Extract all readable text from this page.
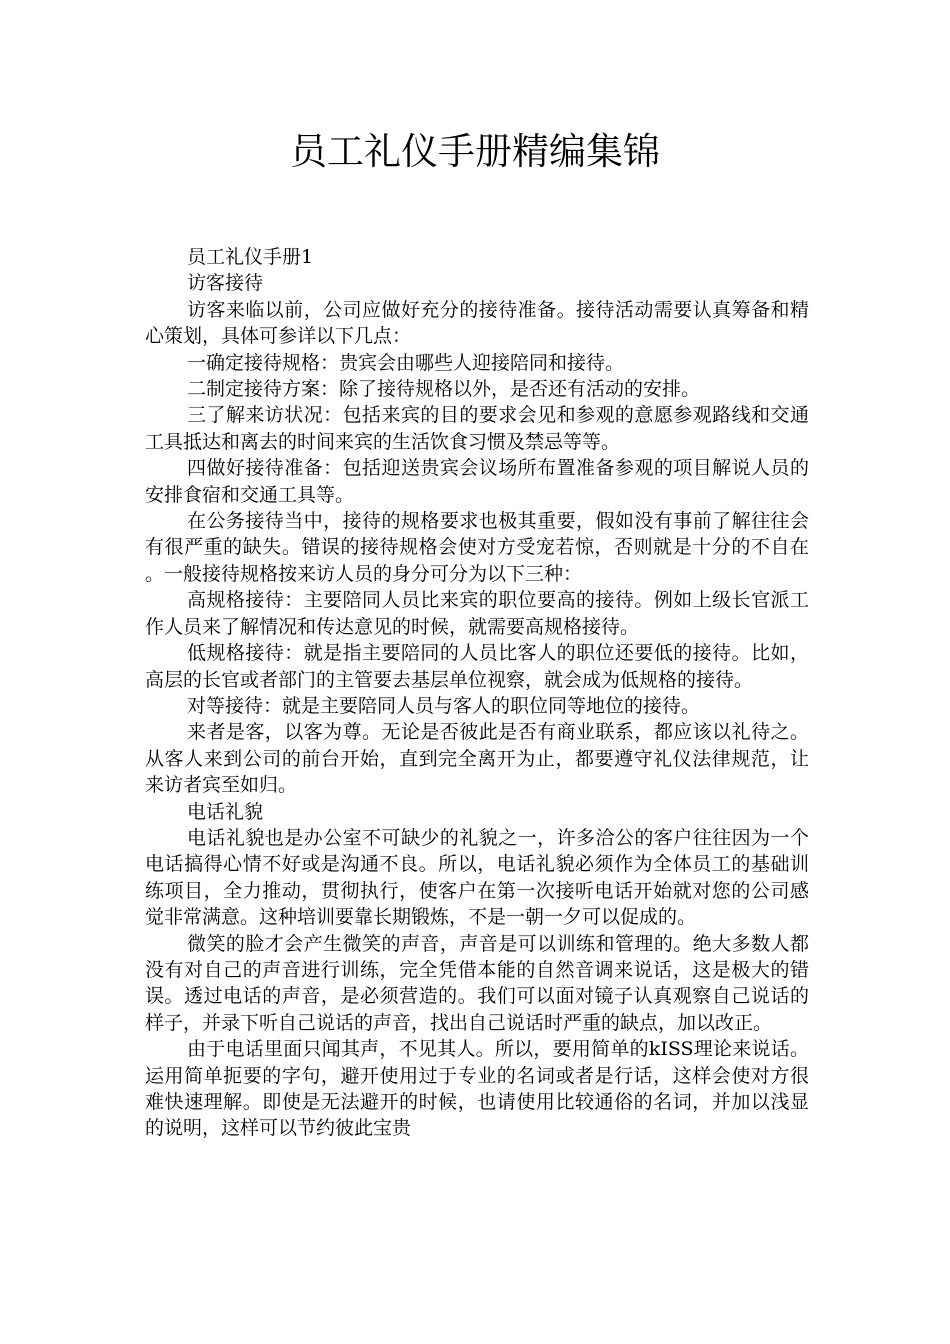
员工礼仪手册精编集锦

员工礼仪手册1

访客接待

访客来临以前，公司应做好充分的接待准备。接待活动需要认真筹备和精心策划，具体可参详以下几点：

一确定接待规格：贵宾会由哪些人迎接陪同和接待。

二制定接待方案：除了接待规格以外，是否还有活动的安排。

三了解来访状况：包括来宾的目的要求会见和参观的意愿参观路线和交通工具抵达和离去的时间来宾的生活饮食习惯及禁忌等等。

四做好接待准备：包括迎送贵宾会议场所布置准备参观的项目解说人员的安排食宿和交通工具等。

在公务接待当中，接待的规格要求也极其重要，假如没有事前了解往往会有很严重的缺失。错误的接待规格会使对方受宠若惊，否则就是十分的不自在。一般接待规格按来访人员的身分可分为以下三种：

高规格接待：主要陪同人员比来宾的职位要高的接待。例如上级长官派工作人员来了解情况和传达意见的时候，就需要高规格接待。

低规格接待：就是指主要陪同的人员比客人的职位还要低的接待。比如，高层的长官或者部门的主管要去基层单位视察，就会成为低规格的接待。

对等接待：就是主要陪同人员与客人的职位同等地位的接待。

来者是客，以客为尊。无论是否彼此是否有商业联系，都应该以礼待之。从客人来到公司的前台开始，直到完全离开为止，都要遵守礼仪法律规范，让来访者宾至如归。

电话礼貌

电话礼貌也是办公室不可缺少的礼貌之一，许多洽公的客户往往因为一个电话搞得心情不好或是沟通不良。所以，电话礼貌必须作为全体员工的基础训练项目，全力推动，贯彻执行，使客户在第一次接听电话开始就对您的公司感觉非常满意。这种培训要靠长期锻炼，不是一朝一夕可以促成的。

微笑的脸才会产生微笑的声音，声音是可以训练和管理的。绝大多数人都没有对自己的声音进行训练，完全凭借本能的自然音调来说话，这是极大的错误。透过电话的声音，是必须营造的。我们可以面对镜子认真观察自己说话的样子，并录下听自己说话的声音，找出自己说话时严重的缺点，加以改正。

由于电话里面只闻其声，不见其人。所以，要用简单的kISS理论来说话。运用简单扼要的字句，避开使用过于专业的名词或者是行话，这样会使对方很难快速理解。即使是无法避开的时候，也请使用比较通俗的名词，并加以浅显的说明，这样可以节约彼此宝贵
